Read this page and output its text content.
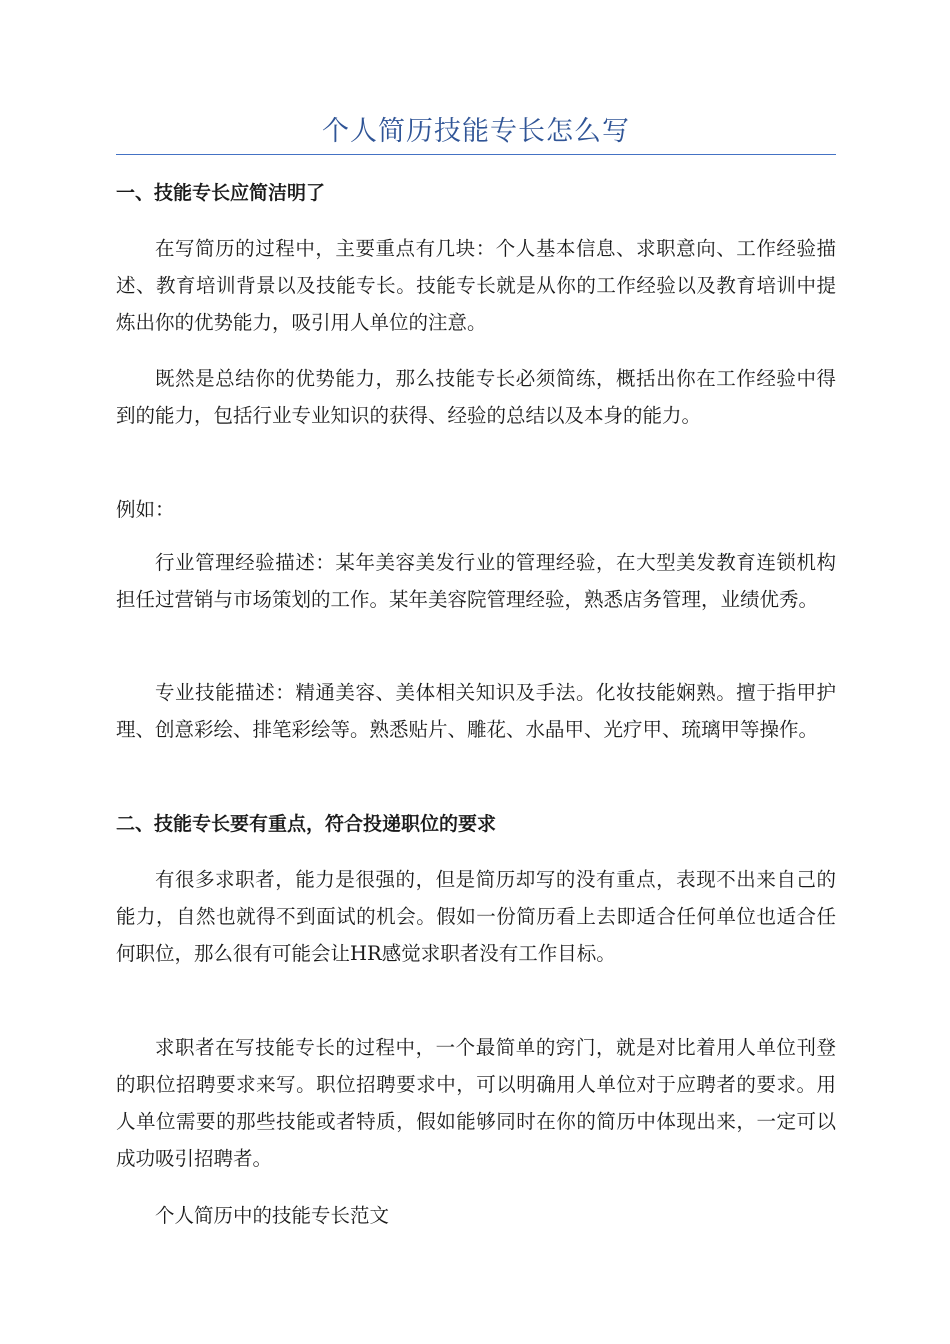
个人简历技能专长怎么写
一、技能专长应简洁明了
在写简历的过程中，主要重点有几块：个人基本信息、求职意向、工作经验描述、教育培训背景以及技能专长。技能专长就是从你的工作经验以及教育培训中提炼出你的优势能力，吸引用人单位的注意。
既然是总结你的优势能力，那么技能专长必须简练，概括出你在工作经验中得到的能力，包括行业专业知识的获得、经验的总结以及本身的能力。
例如：
行业管理经验描述：某年美容美发行业的管理经验，在大型美发教育连锁机构担任过营销与市场策划的工作。某年美容院管理经验，熟悉店务管理，业绩优秀。
专业技能描述：精通美容、美体相关知识及手法。化妆技能娴熟。擅于指甲护理、创意彩绘、排笔彩绘等。熟悉贴片、雕花、水晶甲、光疗甲、琉璃甲等操作。
二、技能专长要有重点，符合投递职位的要求
有很多求职者，能力是很强的，但是简历却写的没有重点，表现不出来自己的能力，自然也就得不到面试的机会。假如一份简历看上去即适合任何单位也适合任何职位，那么很有可能会让HR感觉求职者没有工作目标。
求职者在写技能专长的过程中，一个最简单的窍门，就是对比着用人单位刊登的职位招聘要求来写。职位招聘要求中，可以明确用人单位对于应聘者的要求。用人单位需要的那些技能或者特质，假如能够同时在你的简历中体现出来，一定可以成功吸引招聘者。
个人简历中的技能专长范文
